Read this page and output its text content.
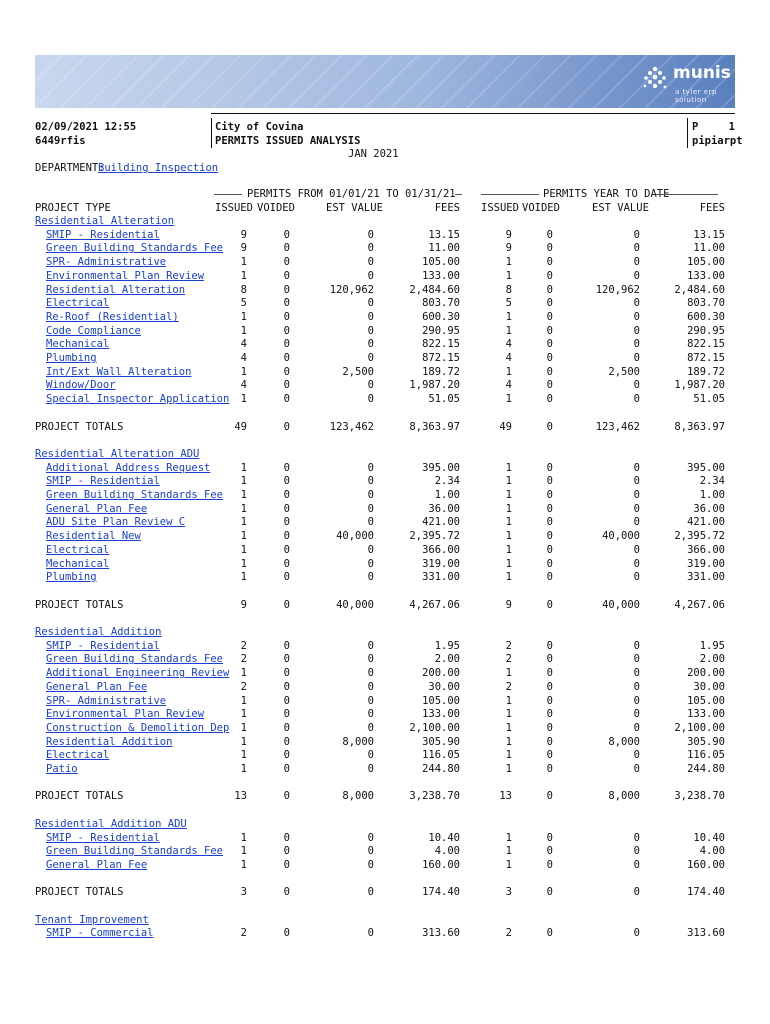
munis
a tyler erp solution
02/09/2021 12:55
6449rfis
City of Covina
PERMITS ISSUED ANALYSIS
JAN 2021
P	1
pipiarpt
DEPARTMENT:
Building Inspection
PERMITS FROM 01/01/21 TO 01/31/21	PERMITS YEAR TO DATE
PROJECT TYPE	ISSUED VOIDED	EST VALUE	FEES ISSUED VOIDED	EST VALUE	FEES
Residential Alteration
SMIP - Residential	9	0	0	13.15	9	0	0	13.15
Green Building Standards Fee	9	0	0	11.00	9	0	0	11.00
SPR- Administrative	1	0	0	105.00	1	0	0	105.00
Environmental Plan Review	1	0	0	133.00	1	0	0	133.00
Residential Alteration	8	0	120,962	2,484.60	8	0	120,962	2,484.60
Electrical	5	0	0	803.70	5	0	0	803.70
Re-Roof (Residential)	1	0	0	600.30	1	0	0	600.30
Code Compliance	1	0	0	290.95	1	0	0	290.95
Mechanical	4	0	0	822.15	4	0	0	822.15
Plumbing	4	0	0	872.15	4	0	0	872.15
Int/Ext Wall Alteration	1	0	2,500	189.72	1	0	2,500	189.72
Window/Door	4	0	0	1,987.20	4	0	0	1,987.20
Special Inspector Application	1	0	0	51.05	1	0	0	51.05
PROJECT TOTALS	49	0	123,462	8,363.97	49	0	123,462	8,363.97
Residential Alteration ADU
Additional Address Request	1	0	0	395.00	1	0	0	395.00
SMIP - Residential	1	0	0	2.34	1	0	0	2.34
Green Building Standards Fee	1	0	0	1.00	1	0	0	1.00
General Plan Fee	1	0	0	36.00	1	0	0	36.00
ADU Site Plan Review C	1	0	0	421.00	1	0	0	421.00
Residential New	1	0	40,000	2,395.72	1	0	40,000	2,395.72
Electrical	1	0	0	366.00	1	0	0	366.00
Mechanical	1	0	0	319.00	1	0	0	319.00
Plumbing	1	0	0	331.00	1	0	0	331.00
PROJECT TOTALS	9	0	40,000	4,267.06	9	0	40,000	4,267.06
Residential Addition
SMIP - Residential	2	0	0	1.95	2	0	0	1.95
Green Building Standards Fee	2	0	0	2.00	2	0	0	2.00
Additional Engineering Review	1	0	0	200.00	1	0	0	200.00
General Plan Fee	2	0	0	30.00	2	0	0	30.00
SPR- Administrative	1	0	0	105.00	1	0	0	105.00
Environmental Plan Review	1	0	0	133.00	1	0	0	133.00
Construction & Demolition Dep	1	0	0	2,100.00	1	0	0	2,100.00
Residential Addition	1	0	8,000	305.90	1	0	8,000	305.90
Electrical	1	0	0	116.05	1	0	0	116.05
Patio	1	0	0	244.80	1	0	0	244.80
PROJECT TOTALS	13	0	8,000	3,238.70	13	0	8,000	3,238.70
Residential Addition ADU
SMIP - Residential	1	0	0	10.40	1	0	0	10.40
Green Building Standards Fee	1	0	0	4.00	1	0	0	4.00
General Plan Fee	1	0	0	160.00	1	0	0	160.00
PROJECT TOTALS	3	0	0	174.40	3	0	0	174.40
Tenant Improvement
SMIP - Commercial	2	0	0	313.60	2	0	0	313.60
